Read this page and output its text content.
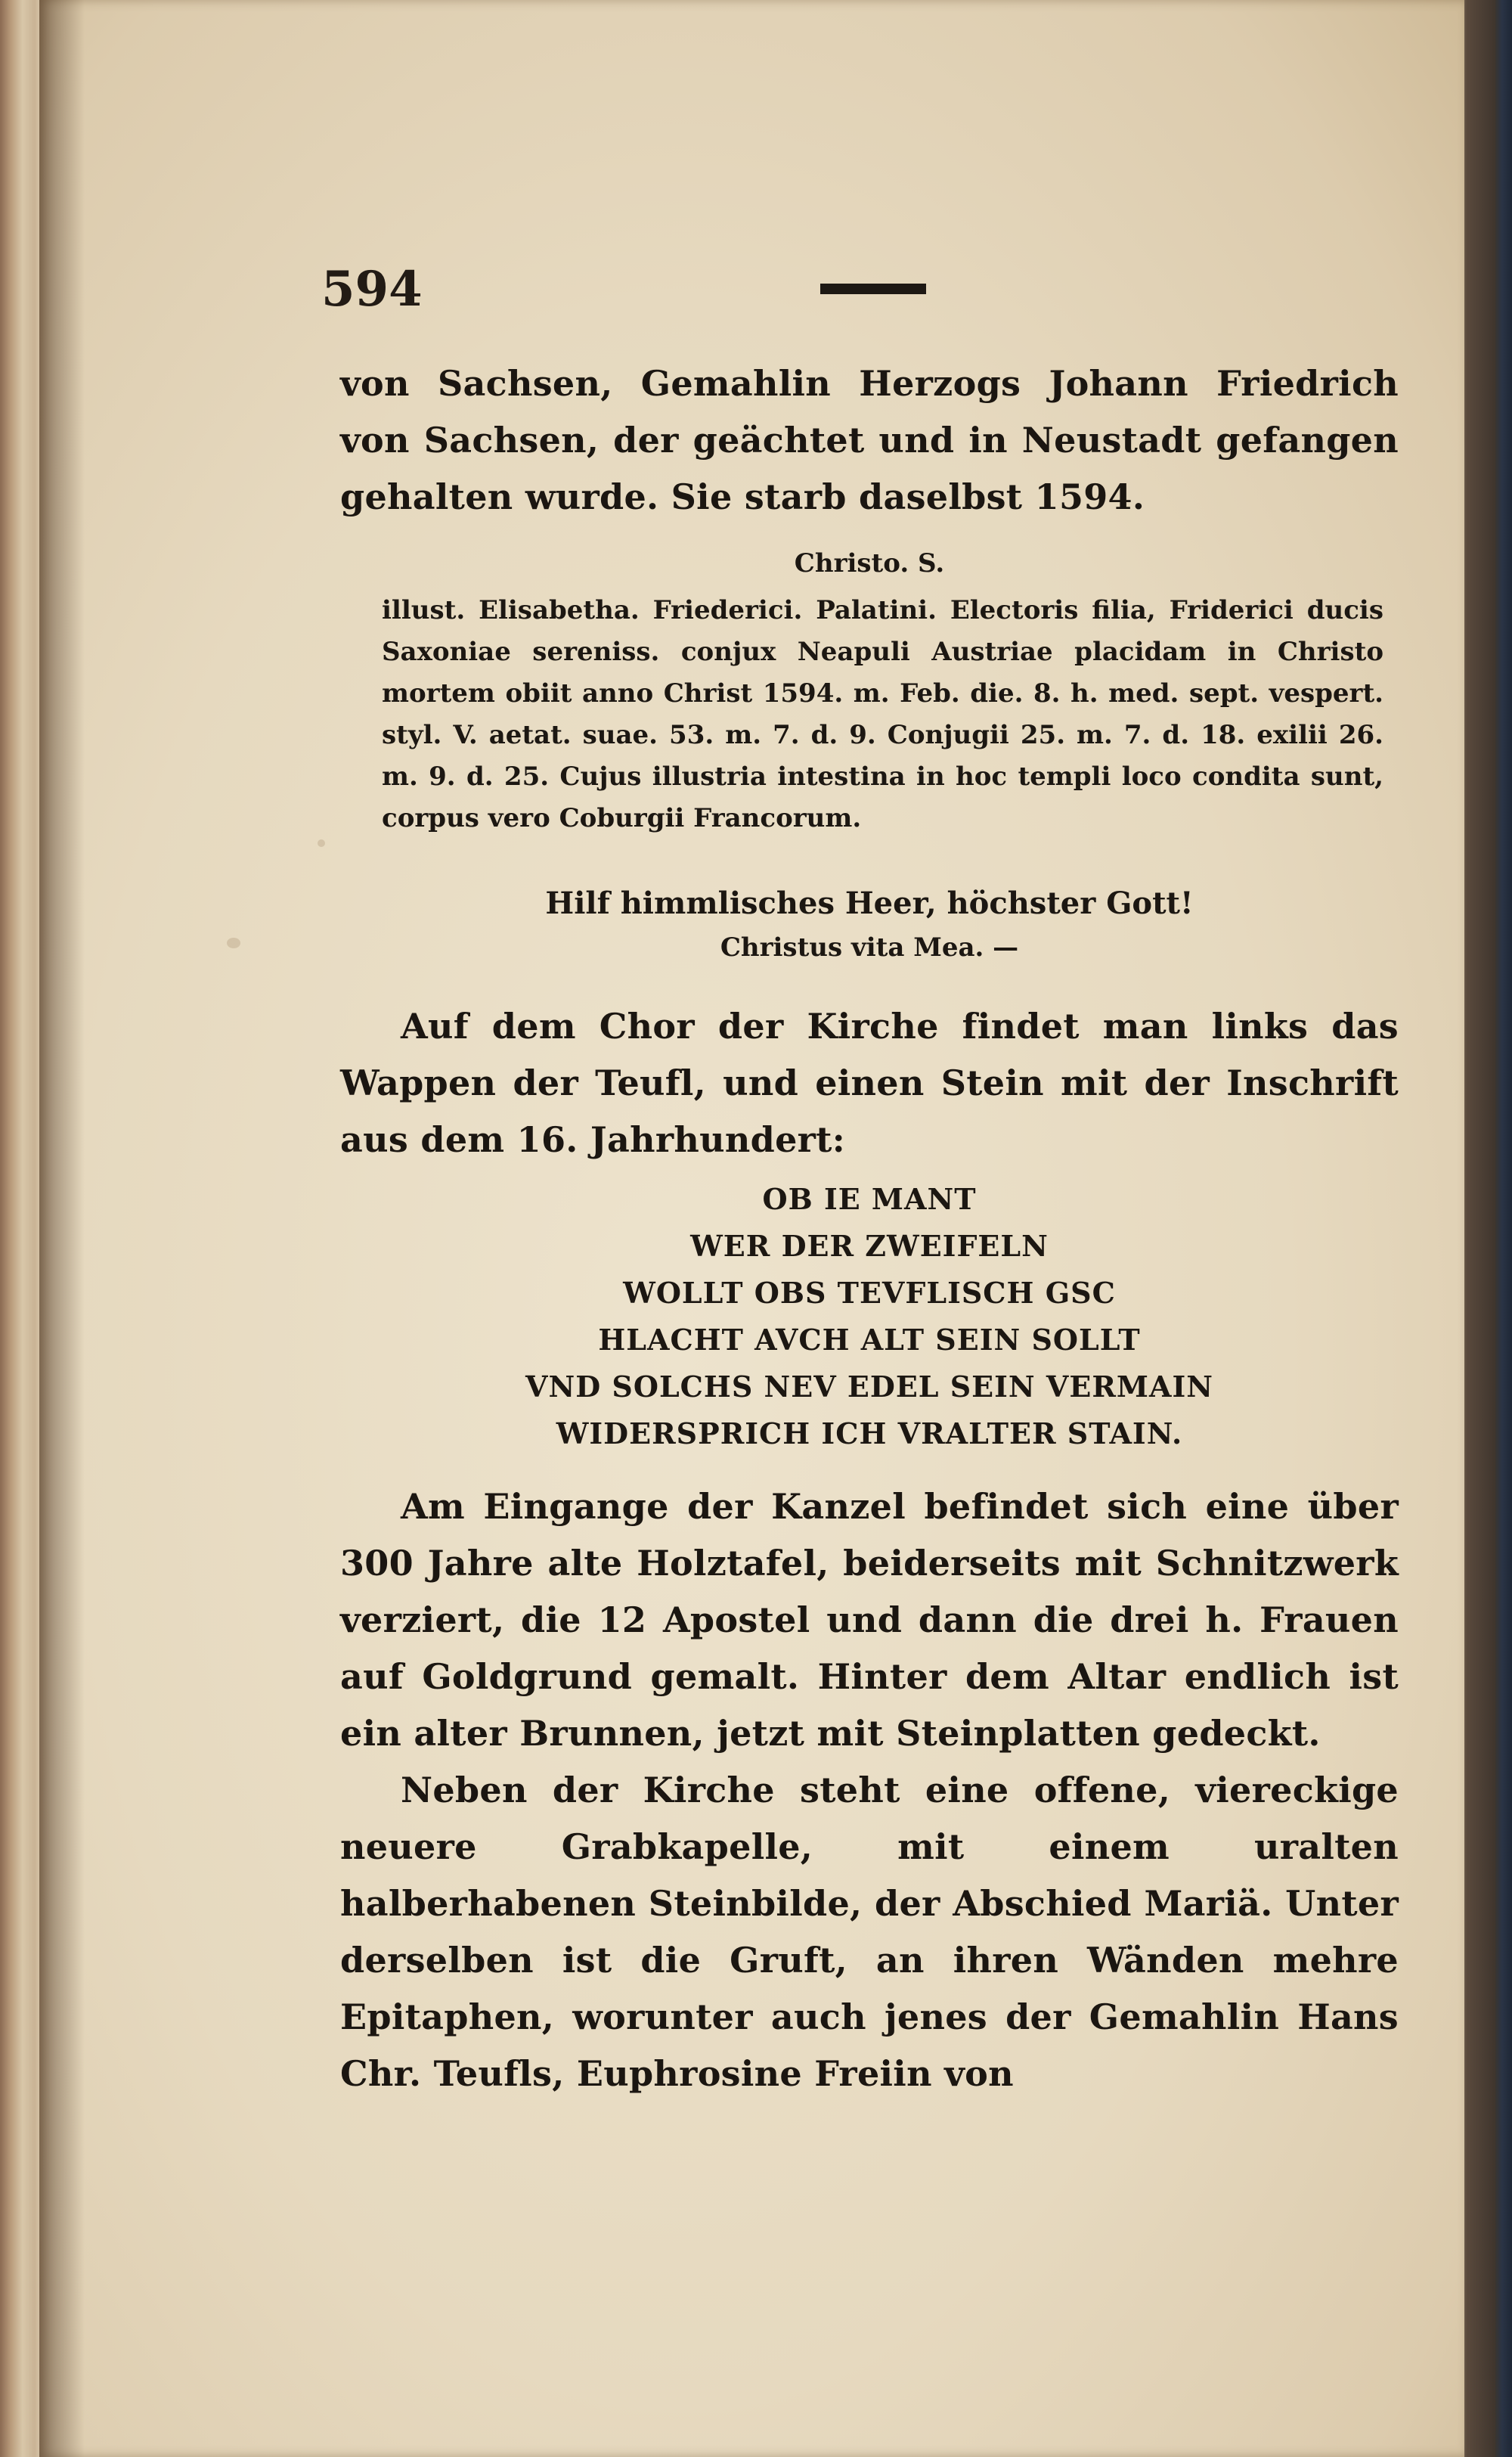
594
von Sachsen, Gemahlin Herzogs Johann Friedrich von Sachsen, der geächtet und in Neustadt gefangen gehalten wurde. Sie starb daselbst 1594.
Christo. S.
illust. Elisabetha. Friederici. Palatini. Electoris filia, Friderici ducis Saxoniae sereniss. conjux Neapuli Austriae placidam in Christo mortem obiit anno Christ 1594. m. Feb. die. 8. h. med. sept. vespert. styl. V. aetat. suae. 53. m. 7. d. 9. Conjugii 25. m. 7. d. 18. exilii 26. m. 9. d. 25. Cujus illustria intestina in hoc templi loco condita sunt, corpus vero Coburgii Francorum.
Hilf himmlisches Heer, höchster Gott!
Christus vita Mea. —
Auf dem Chor der Kirche findet man links das Wappen der Teufl, und einen Stein mit der Inschrift aus dem 16. Jahrhundert:
OB IE MANT
WER DER ZWEIFELN
WOLLT OBS TEVFLISCH GSC
HLACHT AVCH ALT SEIN SOLLT
VND SOLCHS NEV EDEL SEIN VERMAIN
WIDERSPRICH ICH VRALTER STAIN.
Am Eingange der Kanzel befindet sich eine über 300 Jahre alte Holztafel, beiderseits mit Schnitzwerk verziert, die 12 Apostel und dann die drei h. Frauen auf Goldgrund gemalt. Hinter dem Altar endlich ist ein alter Brunnen, jetzt mit Steinplatten gedeckt.
Neben der Kirche steht eine offene, viereckige neuere Grabkapelle, mit einem uralten halberhabenen Steinbilde, der Abschied Mariä. Unter derselben ist die Gruft, an ihren Wänden mehre Epitaphen, worunter auch jenes der Gemahlin Hans Chr. Teufls, Euphrosine Freiin von
